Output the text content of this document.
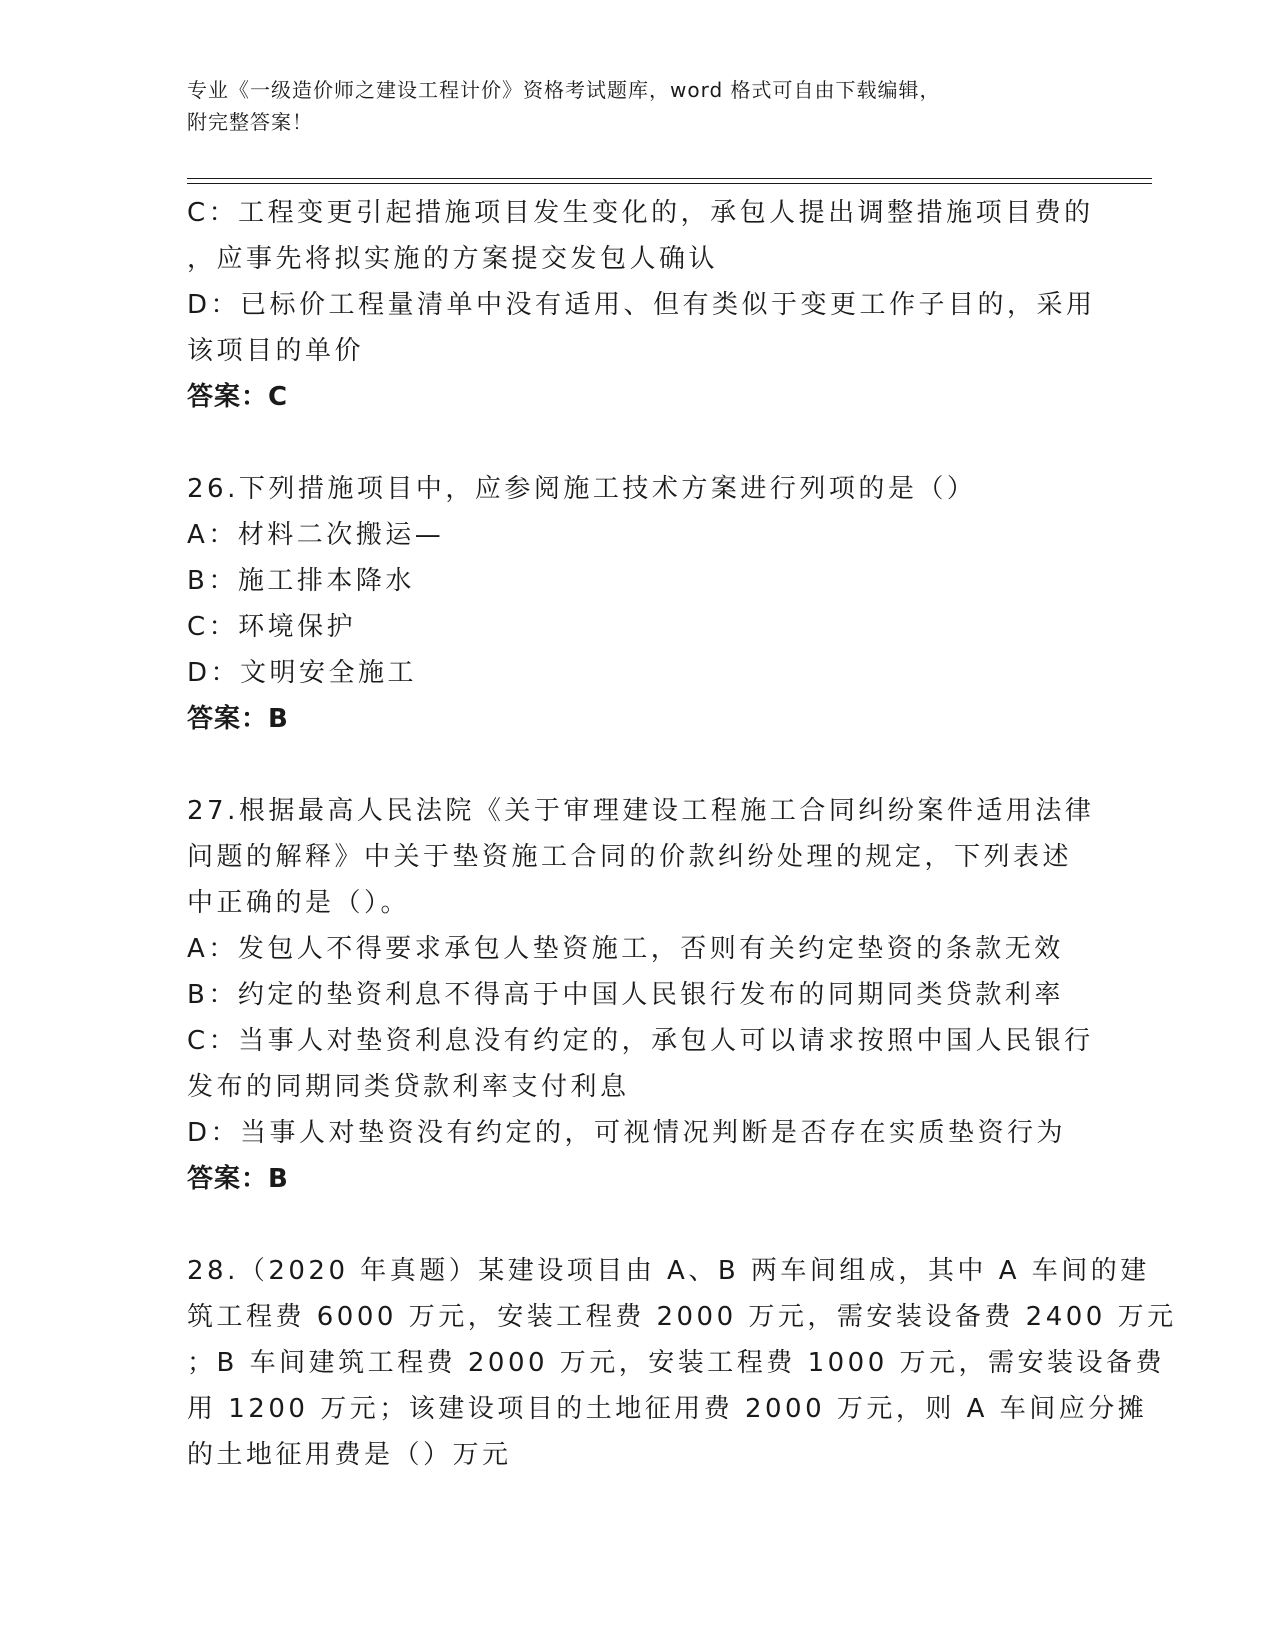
专业《一级造价师之建设工程计价》资格考试题库，word 格式可自由下载编辑，
附完整答案！
C：工程变更引起措施项目发生变化的，承包人提出调整措施项目费的
，应事先将拟实施的方案提交发包人确认
D：已标价工程量清单中没有适用、但有类似于变更工作子目的，采用
该项目的单价
答案：C
26.下列措施项目中，应参阅施工技术方案进行列项的是（）
A：材料二次搬运—
B：施工排本降水
C：环境保护
D：文明安全施工
答案：B
27.根据最高人民法院《关于审理建设工程施工合同纠纷案件适用法律
问题的解释》中关于垫资施工合同的价款纠纷处理的规定，下列表述
中正确的是（）。
A：发包人不得要求承包人垫资施工，否则有关约定垫资的条款无效
B：约定的垫资利息不得高于中国人民银行发布的同期同类贷款利率
C：当事人对垫资利息没有约定的，承包人可以请求按照中国人民银行
发布的同期同类贷款利率支付利息
D：当事人对垫资没有约定的，可视情况判断是否存在实质垫资行为
答案：B
28.（2020 年真题）某建设项目由 A、B 两车间组成，其中 A 车间的建
筑工程费 6000 万元，安装工程费 2000 万元，需安装设备费 2400 万元
；B 车间建筑工程费 2000 万元，安装工程费 1000 万元，需安装设备费
用 1200 万元；该建设项目的土地征用费 2000 万元，则 A 车间应分摊
的土地征用费是（）万元
